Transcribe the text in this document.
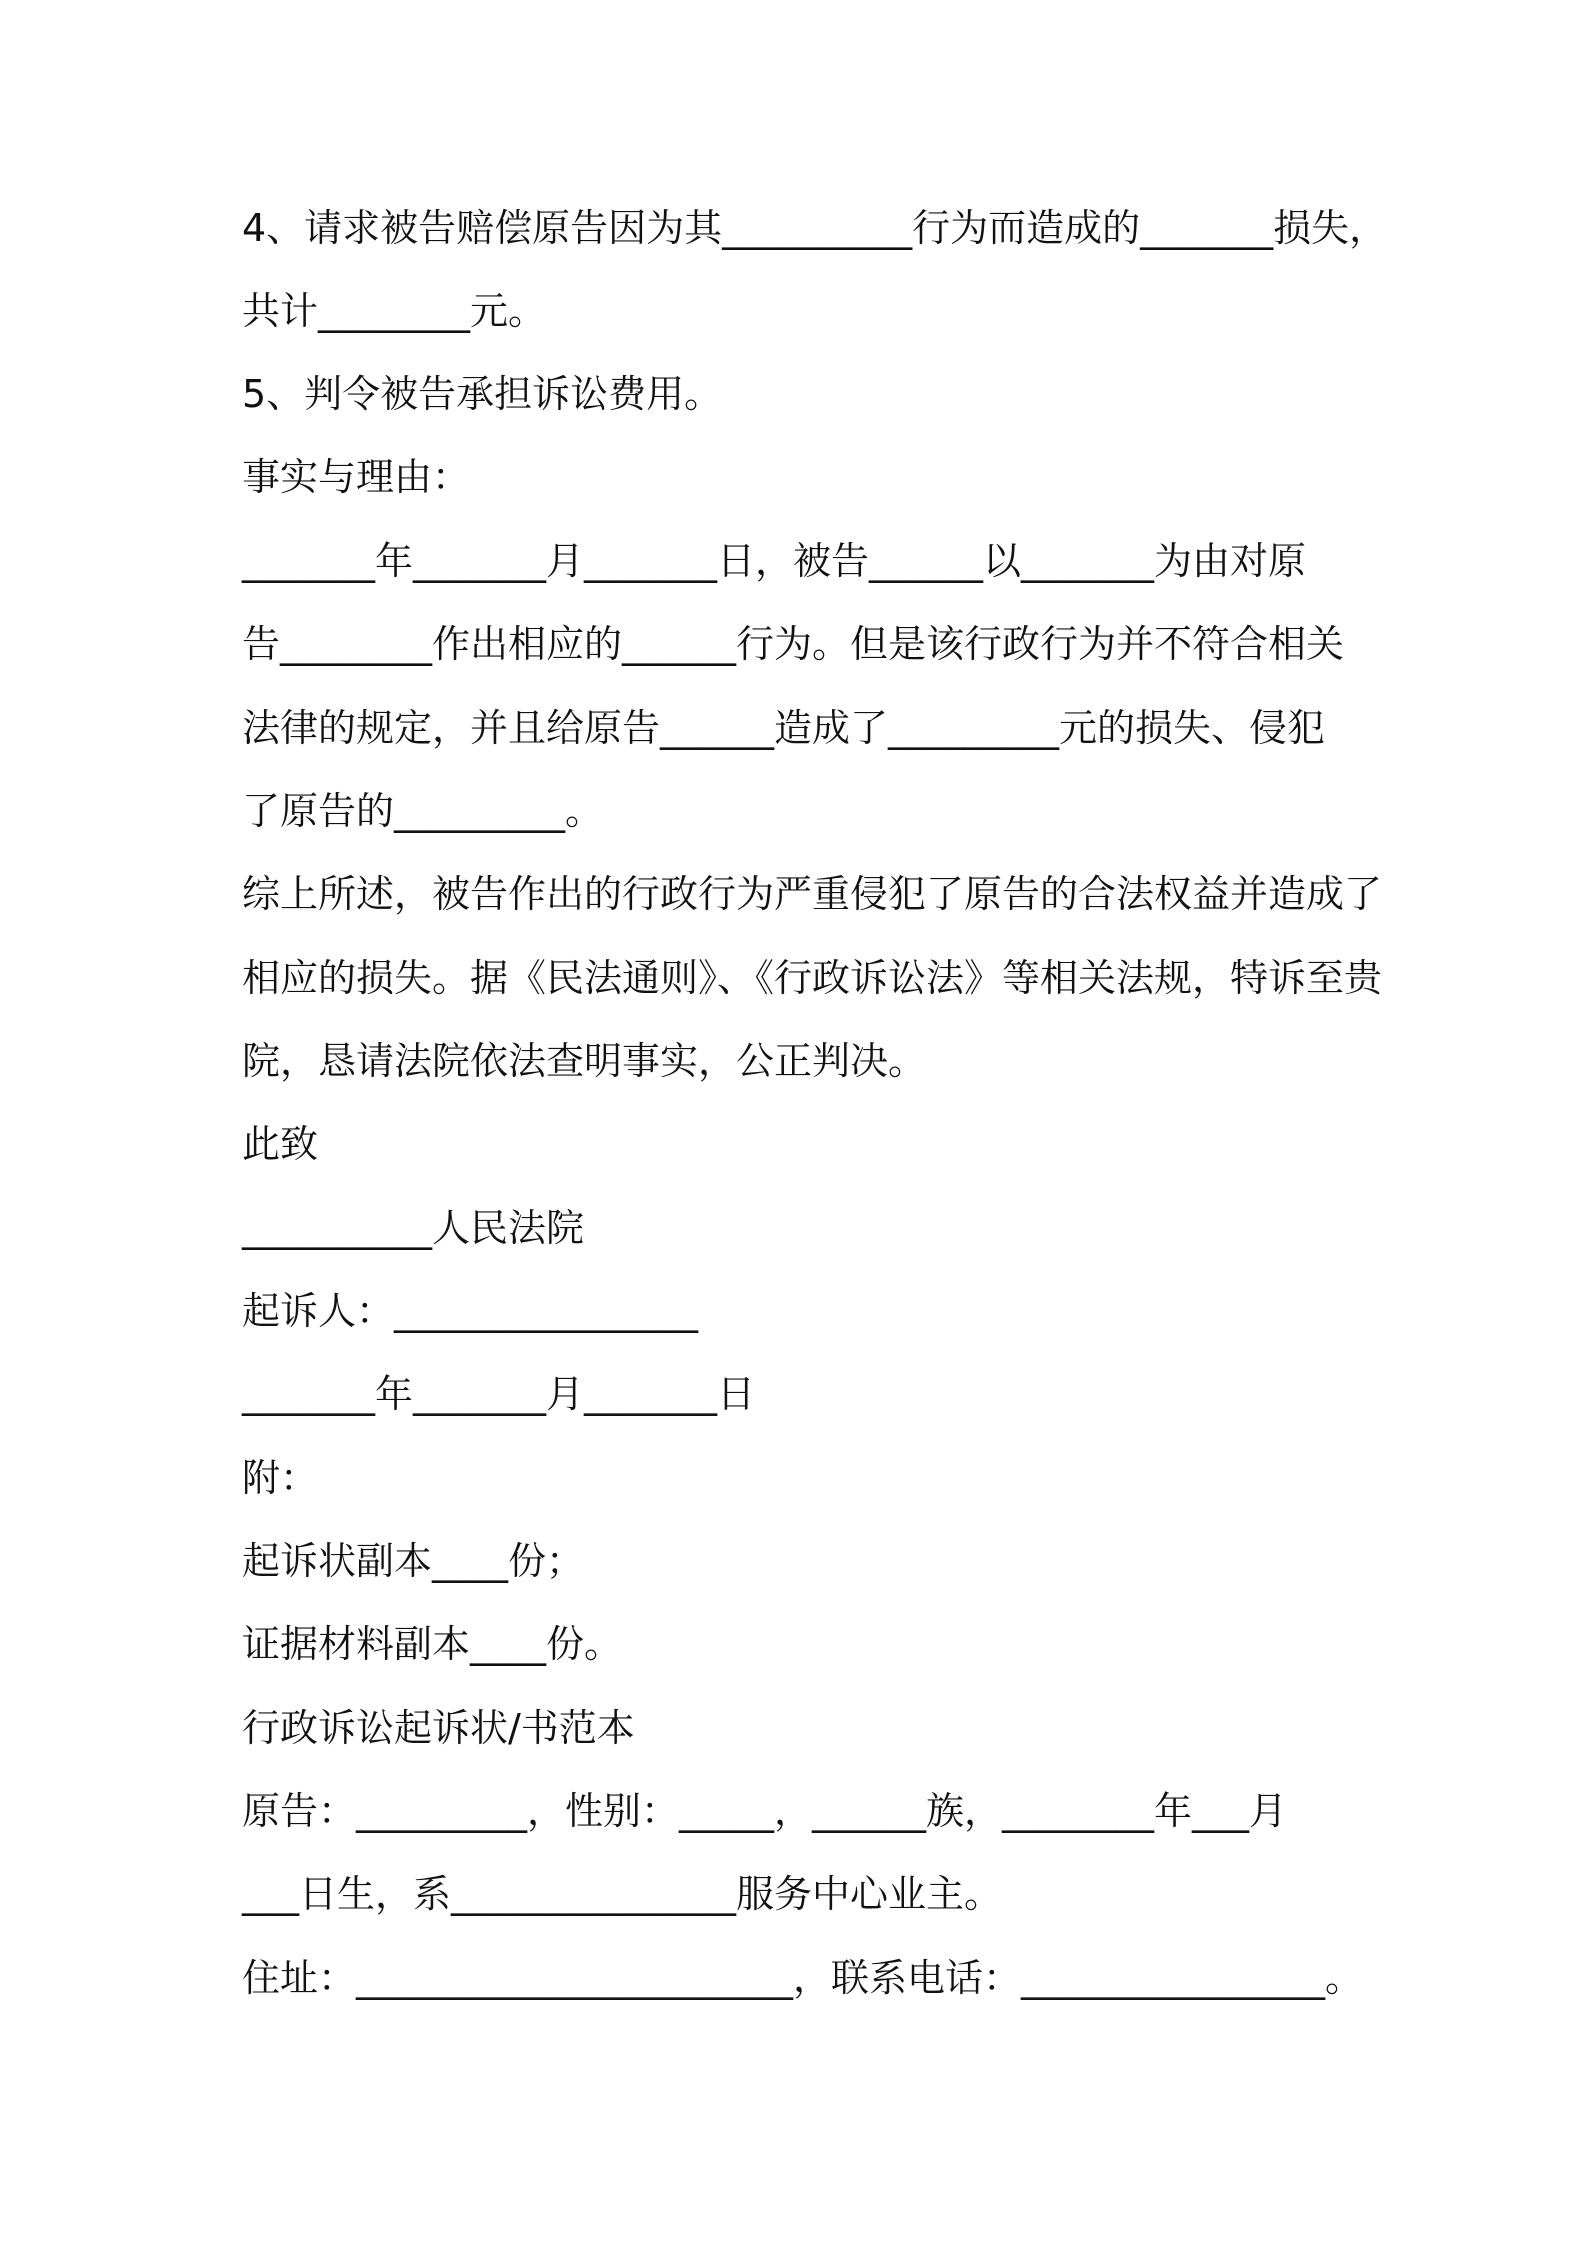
4、请求被告赔偿原告因为其__________行为而造成的_______损失，
共计________元。
5、判令被告承担诉讼费用。
事实与理由：
_______年_______月_______日，被告______以_______为由对原
告________作出相应的______行为。但是该行政行为并不符合相关
法律的规定，并且给原告______造成了_________元的损失、侵犯
了原告的_________。
综上所述，被告作出的行政行为严重侵犯了原告的合法权益并造成了
相应的损失。据《民法通则》、《行政诉讼法》等相关法规，特诉至贵
院，恳请法院依法查明事实，公正判决。
此致
__________人民法院
起诉人：________________
_______年_______月_______日
附：
起诉状副本____份；
证据材料副本____份。
行政诉讼起诉状/书范本
原告：_________，性别：_____，______族，________年___月
___日生，系_______________服务中心业主。
住址：_______________________，联系电话：________________。
